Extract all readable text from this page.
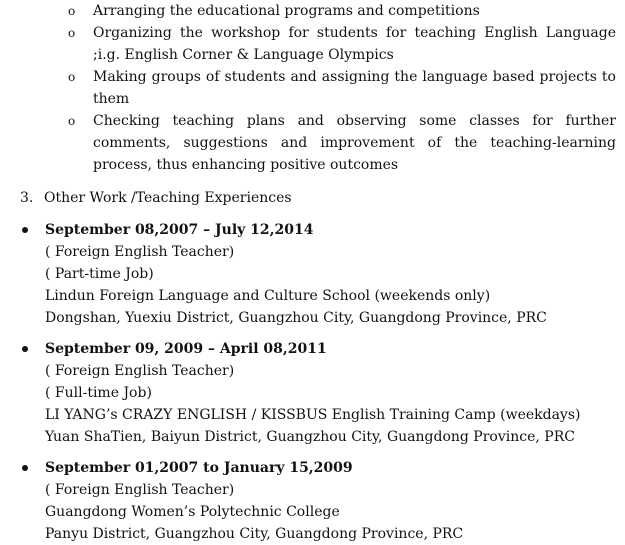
o Arranging the educational programs and competitions
o Organizing the workshop for students for teaching English Language ;i.g. English Corner & Language Olympics
o Making groups of students and assigning the language based projects to them
o Checking teaching plans and observing some classes for further comments, suggestions and improvement of the teaching-learning process, thus enhancing positive outcomes
3. Other Work /Teaching Experiences
September 08,2007 – July 12,2014
( Foreign English Teacher)
( Part-time Job)
Lindun Foreign Language and Culture School (weekends only)
Dongshan, Yuexiu District, Guangzhou City, Guangdong Province, PRC
September 09, 2009 – April 08,2011
( Foreign English Teacher)
( Full-time Job)
LI YANG’s CRAZY ENGLISH / KISSBUS English Training Camp (weekdays)
Yuan ShaTien, Baiyun District, Guangzhou City, Guangdong Province, PRC
September 01,2007 to January 15,2009
( Foreign English Teacher)
Guangdong Women’s Polytechnic College
Panyu District, Guangzhou City, Guangdong Province, PRC
